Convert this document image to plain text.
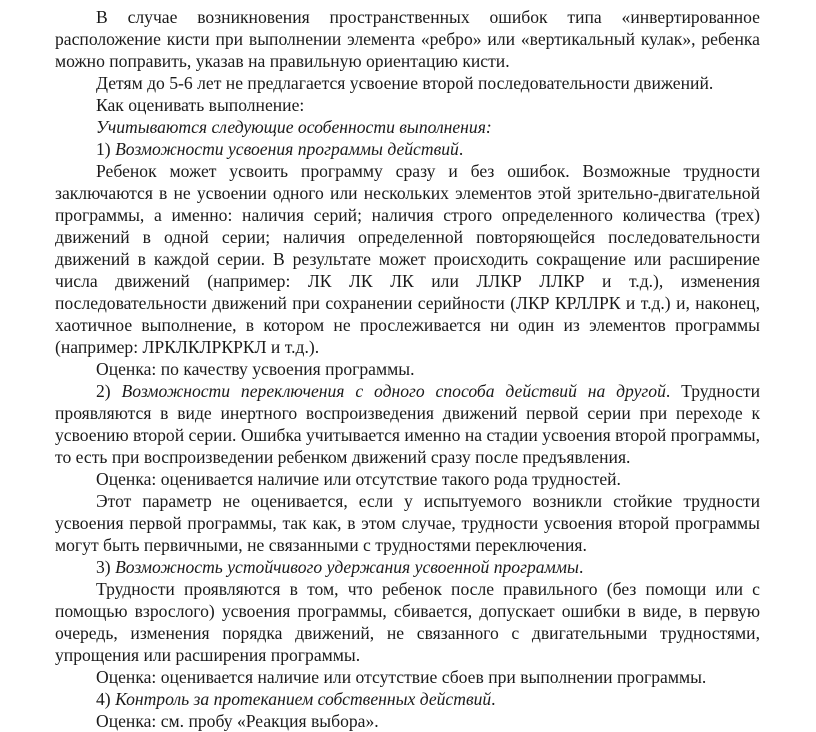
В случае возникновения пространственных ошибок типа «инвертированное расположение кисти при выполнении элемента «ребро» или «вертикальный кулак», ребенка можно поправить, указав на правильную ориентацию кисти.

Детям до 5-6 лет не предлагается усвоение второй последовательности движений.

Как оценивать выполнение:

Учитываются следующие особенности выполнения:

1) Возможности усвоения программы действий.

Ребенок может усвоить программу сразу и без ошибок. Возможные трудности заключаются в не усвоении одного или нескольких элементов этой зрительно-двигательной программы, а именно: наличия серий; наличия строго определенного количества (трех) движений в одной серии; наличия определенной повторяющейся последовательности движений в каждой серии. В результате может происходить сокращение или расширение числа движений (например: ЛК ЛК ЛК или ЛЛКР ЛЛКР и т.д.), изменения последовательности движений при сохранении серийности (ЛКР КРЛЛРК и т.д.) и, наконец, хаотичное выполнение, в котором не прослеживается ни один из элементов программы (например: ЛРКЛКЛРКРКЛ и т.д.).

Оценка: по качеству усвоения программы.

2) Возможности переключения с одного способа действий на другой. Трудности проявляются в виде инертного воспроизведения движений первой серии при переходе к усвоению второй серии. Ошибка учитывается именно на стадии усвоения второй программы, то есть при воспроизведении ребенком движений сразу после предъявления.

Оценка: оценивается наличие или отсутствие такого рода трудностей.

Этот параметр не оценивается, если у испытуемого возникли стойкие трудности усвоения первой программы, так как, в этом случае, трудности усвоения второй программы могут быть первичными, не связанными с трудностями переключения.

3) Возможность устойчивого удержания усвоенной программы.

Трудности проявляются в том, что ребенок после правильного (без помощи или с помощью взрослого) усвоения программы, сбивается, допускает ошибки в виде, в первую очередь, изменения порядка движений, не связанного с двигательными трудностями, упрощения или расширения программы.

Оценка: оценивается наличие или отсутствие сбоев при выполнении программы.

4) Контроль за протеканием собственных действий.

Оценка: см. пробу «Реакция выбора».
